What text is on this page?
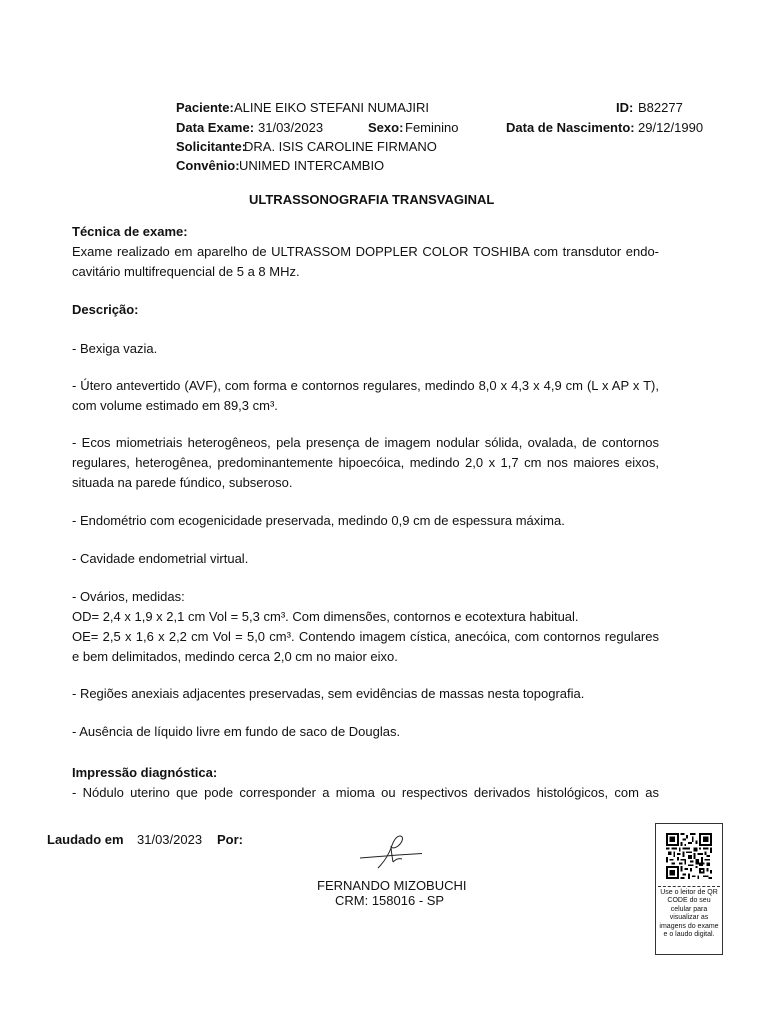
Paciente: ALINE EIKO STEFANI NUMAJIRI	ID: B82277
Data Exame: 31/03/2023	Sexo: Feminino	Data de Nascimento: 29/12/1990
Solicitante:
DRA. ISIS CAROLINE FIRMANO
Convênio: UNIMED INTERCAMBIO
ULTRASSONOGRAFIA TRANSVAGINAL
Técnica de exame:
Exame realizado em aparelho de ULTRASSOM DOPPLER COLOR TOSHIBA com transdutor endo-
cavitário multifrequencial de 5 a 8 MHz.
Descrição:
- Bexiga vazia.
- Útero antevertido (AVF), com forma e contornos regulares, medindo 8,0 x 4,3 x 4,9 cm (L x AP x T),
com volume estimado em 89,3 cm³.
- Ecos miometriais heterogêneos, pela presença de imagem nodular sólida, ovalada, de contornos
regulares, heterogênea, predominantemente hipoecóica, medindo 2,0 x 1,7 cm nos maiores eixos,
situada na parede fúndico, subseroso.
- Endométrio com ecogenicidade preservada, medindo 0,9 cm de espessura máxima.
- Cavidade endometrial virtual.
- Ovários, medidas:
OD= 2,4 x 1,9 x 2,1 cm Vol = 5,3 cm³. Com dimensões, contornos e ecotextura habitual.
OE= 2,5 x 1,6 x 2,2 cm Vol = 5,0 cm³. Contendo imagem cística, anecóica, com contornos regulares
e bem delimitados, medindo cerca 2,0 cm no maior eixo.
- Regiões anexiais adjacentes preservadas, sem evidências de massas nesta topografia.
- Ausência de líquido livre em fundo de saco de Douglas.
Impressão diagnóstica:
- Nódulo uterino que pode corresponder a mioma ou respectivos derivados histológicos, com as
Laudado em 31/03/2023 Por:
FERNANDO MIZOBUCHI
CRM: 158016 - SP
Use o leitor de QR CODE do seu celular para visualizar as imagens do exame e o laudo digital.
